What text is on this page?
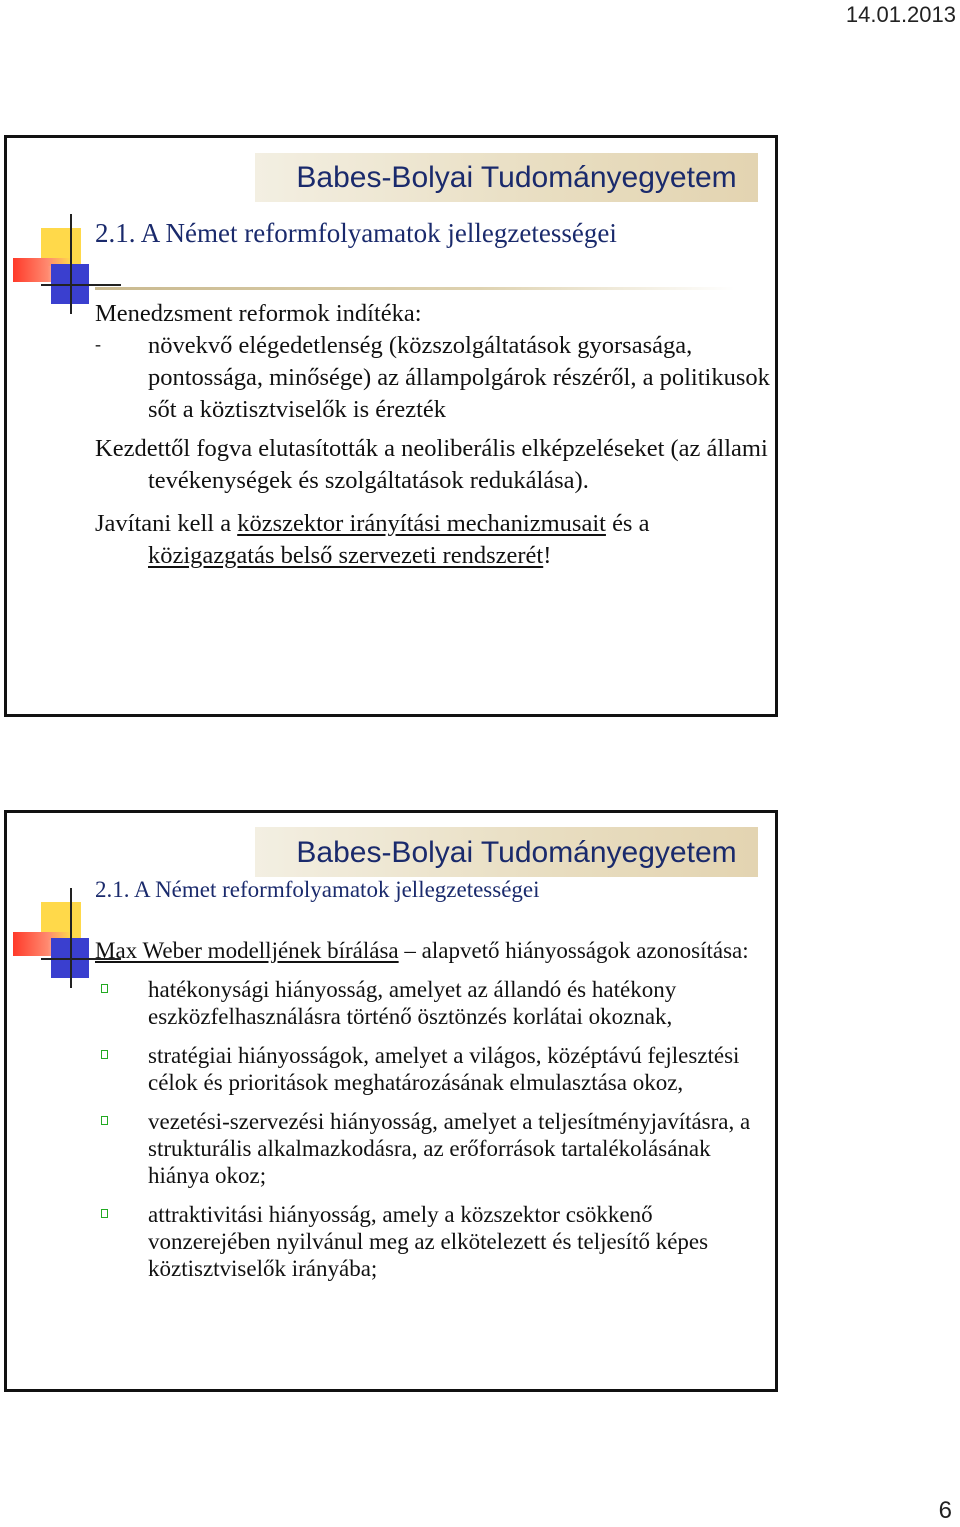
14.01.2013
Babes-Bolyai Tudományegyetem
2.1. A Német reformfolyamatok jellegzetességei

Menedzsment reformok indítéka:

- növekvő elégedetlenség (közszolgáltatások gyorsasága, pontossága, minősége) az állampolgárok részéről, a politikusok sőt a köztisztviselők is érezték

Kezdettől fogva elutasították a neoliberális elképzeléseket (az állami tevékenységek és szolgáltatások redukálása).

Javítani kell a közszektor irányítási mechanizmusait és a közigazgatás belső szervezeti rendszerét!

Babes-Bolyai Tudományegyetem
2.1. A Német reformfolyamatok jellegzetességei

Max Weber modelljének bírálása – alapvető hiányosságok azonosítása:

hatékonysági hiányosság, amelyet az állandó és hatékony eszközfelhasználásra történő ösztönzés korlátai okoznak,

stratégiai hiányosságok, amelyet a világos, középtávú fejlesztési célok és prioritások meghatározásának elmulasztása okoz,

vezetési-szervezési hiányosság, amelyet a teljesítményjavításra, a strukturális alkalmazkodásra, az erőforrások tartalékolásának hiánya okoz;

attraktivitási hiányosság, amely a közszektor csökkenő vonzerejében nyilvánul meg az elkötelezett és teljesítő képes köztisztviselők irányába;

6
